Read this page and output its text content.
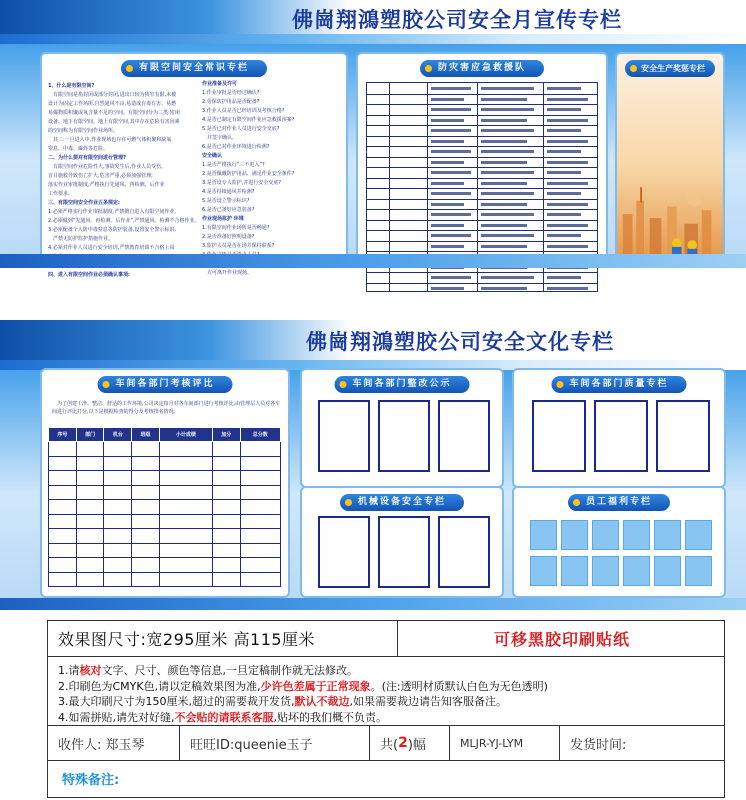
佛崗翔鴻塑胶公司安全月宣传专栏
有限空间安全常识专栏

1、什么是有限空间?

　有限空间是指封闭或部分封闭,进出口较为狭窄有限,未被

设计为固定工作场所,自然通风不良,易造成有毒有害、易燃

易爆物质积聚或氧含量不足的空间。有限空间分为三类:密闭

设备、地下有限空间、地上有限空间,其中存在危险有害因素

的空间称为有限空间作业场所。

　其二:一旦进入中,作业现场也存在可燃气体积聚和缺氧

窒息、中毒、爆炸等危险。

二、为什么要对有限空间进行管理?

　有限空间作业危险性大,事故发生后,作业人员受伤、

盲目施救导致伤亡扩大,危害严重,必须加强管理;

落实作业审批制度,严格执行先通风、再检测、后作业

工作要求。

三、有限空间安全作业五条规定:

1.必须严格实行作业审批制度,严禁擅自进入有限空间作业。

2.必须做到“先通风、再检测、后作业”,严禁通风、检测不合格作业。

3.必须配备个人防中毒窒息等防护装备,设置安全警示标识,

　严禁无防护监护措施作业。

4.必须对作业人员进行安全培训,严禁教育培训不合格上岗

四、进入有限空间作业必须确认事项:

作业准备及许可

1.作业审批是否经过确认?

2.劳保防护用品是否配备?

3.作业人员是否已经培训及考核合格?

4.是否已制定有限空间作业应急救援预案?

5.是否已对作业人员进行安全交底?

　并签字确认。

6.是否已对作业环境进行检测?

安全确认

1.是否严格执行“三不进入”?

2.是否佩戴防护用品、满足作业安全条件?

3.是否设专人监护,并进行安全交底?

4.是否持续通风并检测?

5.是否设立警示标识?

6.是否已备好应急装备?

作业现场监护 环境

1.有限空间作业场所是否畅通?

2.是否准备好照明设备?

3.监护人员是否在场并保持联系?

　方可离开作业现场。

防灾害应急救援队	安全生产奖惩专栏
佛崗翔鴻塑胶公司安全文化专栏
车间各部门考核评比
　为了创建干净、整洁、舒适的工作环境,公司决定每月对各车间部门进行考核评比,由管理层人员对各车间进行评比打分,以下是根据检查的得分及考核排名情况:
序号	部门	机台	班组	小计成绩	加分	总分数

车间各部门整改公示	车间各部门质量专栏
机械设备安全专栏	员工福利专栏
效果图尺寸:宽295厘米 高115厘米	可移黑胶印刷贴纸
1.请核对文字、尺寸、颜色等信息,一旦定稿制作就无法修改。
2.印刷色为CMYK色,请以定稿效果图为准,少许色差属于正常现象。(注:透明材质默认白色为无色透明)
3.最大印刷尺寸为150厘米,超过的需要裁开发货,默认不裁边,如果需要裁边请告知客服备注。
4.如需拼贴,请先对好缝,不会贴的请联系客服,贴坏的我们概不负责。
收件人: 郑玉琴	旺旺ID:queenie玉子	共( 2 )幅	MLJR-YJ-LYM	发货时间:
特殊备注:
